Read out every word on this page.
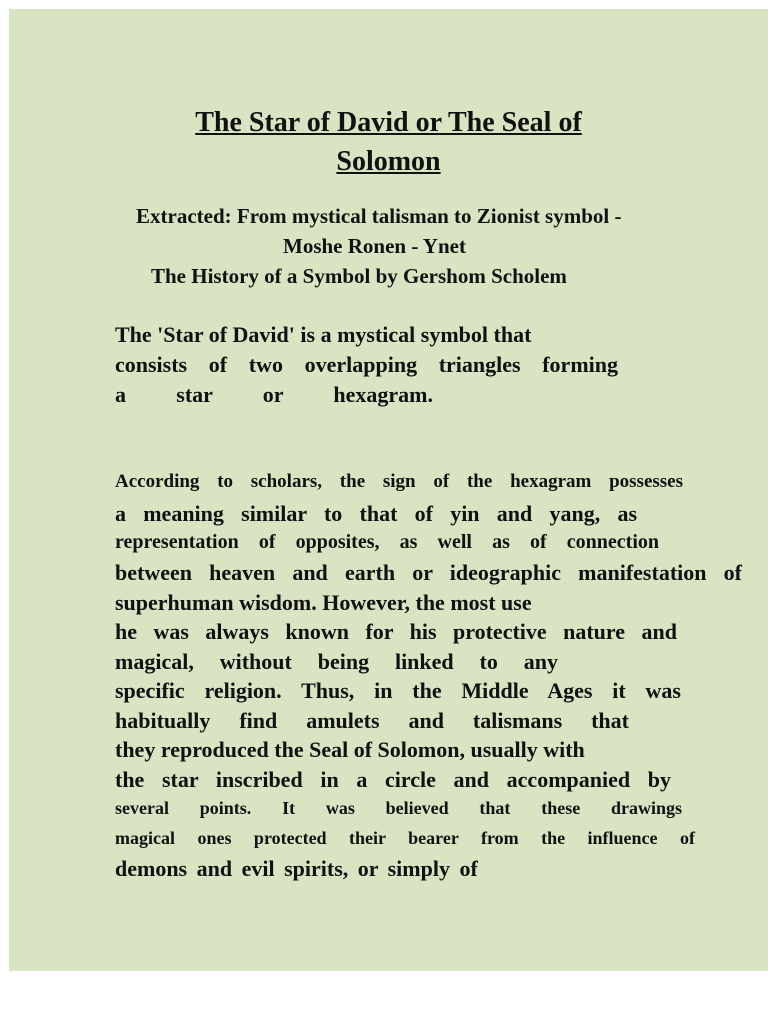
The Star of David or The Seal of
Solomon
Extracted: From mystical talisman to Zionist symbol -
Moshe Ronen - Ynet
The History of a Symbol by Gershom Scholem
The 'Star of David' is a mystical symbol that
consists of two overlapping triangles forming
a star or hexagram.
According to scholars, the sign of the hexagram possesses
a meaning similar to that of yin and yang, as
representation of opposites, as well as of connection
between heaven and earth or ideographic manifestation of
superhuman wisdom. However, the most use
he was always known for his protective nature and
magical, without being linked to any
specific religion. Thus, in the Middle Ages it was
habitually find amulets and talismans that
they reproduced the Seal of Solomon, usually with
the star inscribed in a circle and accompanied by
several points. It was believed that these drawings
magical ones protected their bearer from the influence of
demons and evil spirits, or simply of
